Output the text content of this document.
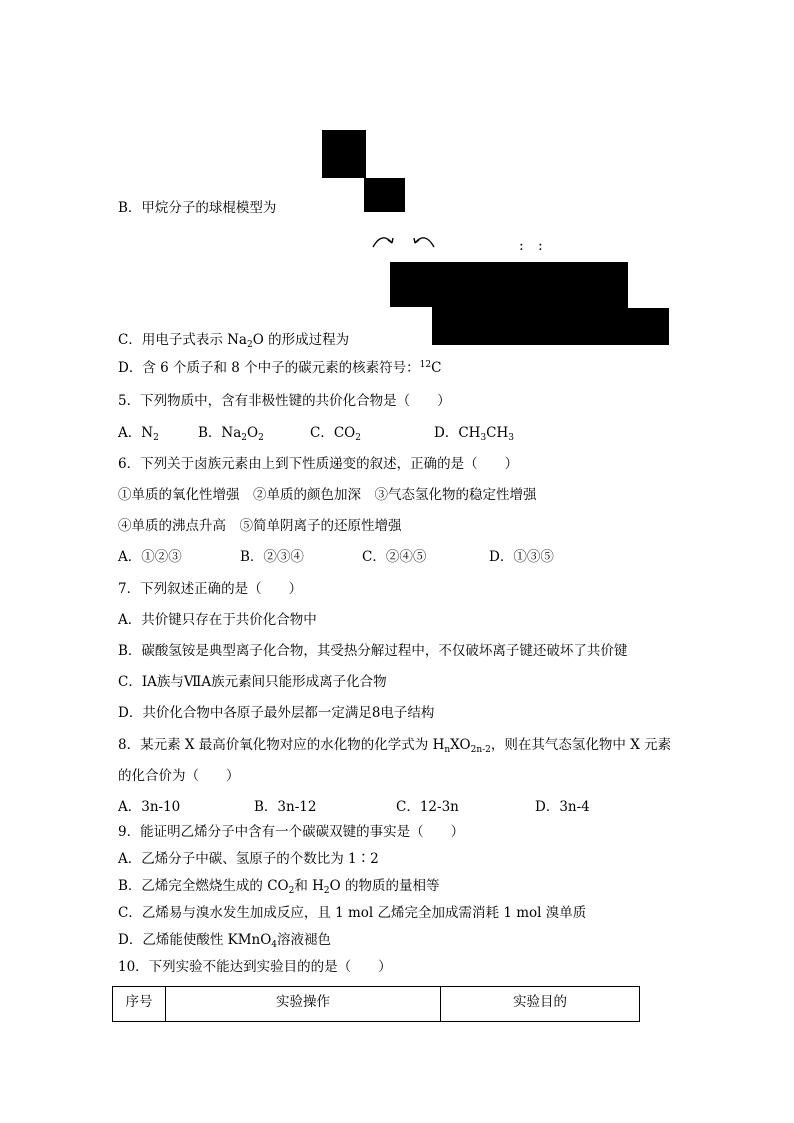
B．甲烷分子的球棍模型为
: :
C．用电子式表示 $Na_2O$ 的形成过程为
D．含 6 个质子和 8 个中子的碳元素的核素符号：$^{12}$C
5．下列物质中，含有非极性键的共价化合物是（　　）
A．$N_2$	B．$Na_2O_2$	C．$CO_2$	D．$CH_3CH_3$
6．下列关于卤族元素由上到下性质递变的叙述，正确的是（　　）
①单质的氧化性增强　②单质的颜色加深　③气态氢化物的稳定性增强
④单质的沸点升高　⑤简单阴离子的还原性增强
A．①②③	B．②③④	C．②④⑤	D．①③⑤
7．下列叙述正确的是（　　）
A．共价键只存在于共价化合物中
B．碳酸氢铵是典型离子化合物，其受热分解过程中，不仅破坏离子键还破坏了共价键
C．ⅠA族与ⅦA族元素间只能形成离子化合物
D．共价化合物中各原子最外层都一定满足8电子结构
8．某元素 X 最高价氧化物对应的水化物的化学式为 $H_nXO_{2n-2}$，则在其气态氢化物中 X 元素
的化合价为（　　）
A．3n-10	B．3n-12	C．12-3n	D．3n-4
9．能证明乙烯分子中含有一个碳碳双键的事实是（　　）
A．乙烯分子中碳、氢原子的个数比为 1∶2
B．乙烯完全燃烧生成的 $CO_2$和 $H_2O$ 的物质的量相等
C．乙烯易与溴水发生加成反应，且 1 mol 乙烯完全加成需消耗 1 mol 溴单质
D．乙烯能使酸性 KMnO$_4$溶液褪色
10．下列实验不能达到实验目的的是（　　）
序号	实验操作	实验目的
